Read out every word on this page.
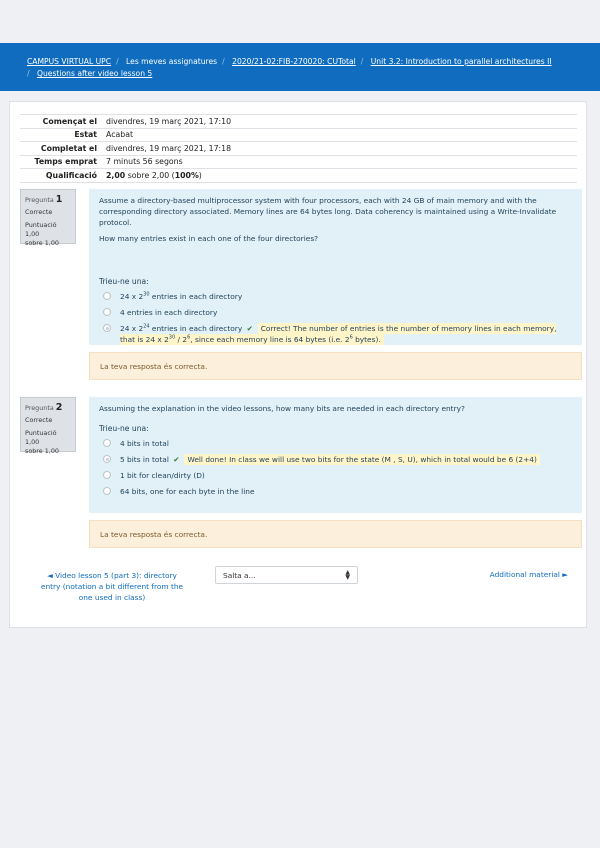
CAMPUS VIRTUAL UPC / Les meves assignatures / 2020/21-02:FIB-270020: CUTotal / Unit 3.2: Introduction to parallel architectures II
/ Questions after video lesson 5
Començat el	divendres, 19 març 2021, 17:10
Estat	Acabat
Completat el	divendres, 19 març 2021, 17:18
Temps emprat	7 minuts 56 segons
Qualificació	2,00 sobre 2,00 (100%)
Pregunta 1
Correcte
Puntuació 1,00
sobre 1,00

Assume a directory-based multiprocessor system with four processors, each with 24 GB of main memory and with the corresponding directory associated. Memory lines are 64 bytes long. Data coherency is maintained using a Write-Invalidate protocol.

How many entries exist in each one of the four directories?

Trieu-ne una:
24 x $2^{30}$ entries in each directory
4 entries in each directory
24 x $2^{24}$ entries in each directory ✔ Correct! The number of entries is the number of memory lines in each memory, that is 24 x $2^{30} / 2^6$, since each memory line is 64 bytes (i.e. $2^6$ bytes).
La teva resposta és correcta.
Pregunta 2
Correcte
Puntuació 1,00
sobre 1,00

Assuming the explanation in the video lessons, how many bits are needed in each directory entry?

Trieu-ne una:
4 bits in total
5 bits in total ✔ Well done! In class we will use two bits for the state (M , S, U), which in total would be 6 (2+4)
1 bit for clean/dirty (D)
64 bits, one for each byte in the line
La teva resposta és correcta.
◄ Video lesson 5 (part 3): directory entry (notation a bit different from the one used in class)
Salta a...	▲
▼	Additional material ►
